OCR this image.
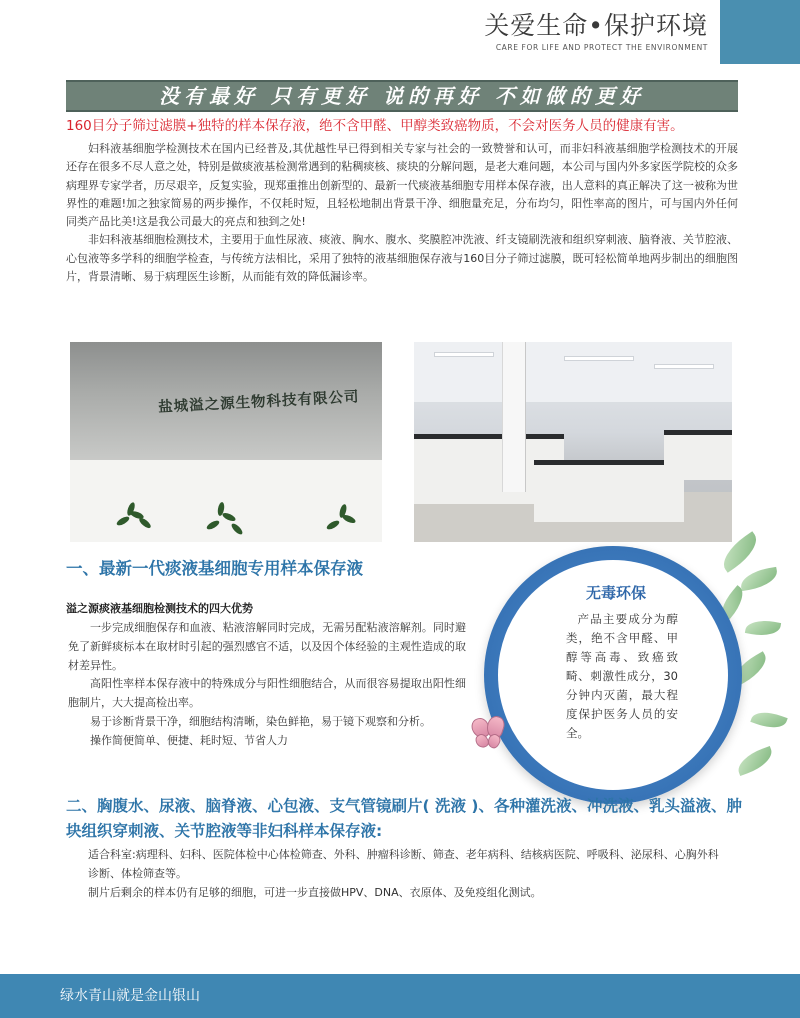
关爱生命•保护环境
CARE FOR LIFE AND PROTECT THE ENVIRONMENT
没有最好 只有更好 说的再好 不如做的更好
160目分子筛过滤膜+独特的样本保存液，绝不含甲醛、甲醇类致癌物质，不会对医务人员的健康有害。

妇科液基细胞学检测技术在国内已经普及,其优越性早已得到相关专家与社会的一致赞誉和认可，而非妇科液基细胞学检测技术的开展还存在很多不尽人意之处，特别是做痰液基检测常遇到的粘稠痰核、痰块的分解问题，是老大难问题，本公司与国内外多家医学院校的众多病理界专家学者，历尽艰辛，反复实验，现郑重推出创新型的、最新一代痰液基细胞专用样本保存液，出人意料的真正解决了这一被称为世界性的难题!加之独家简易的两步操作，不仅耗时短，且轻松地制出背景干净、细胞量充足，分布均匀，阳性率高的图片，可与国内外任何同类产品比美!这是我公司最大的亮点和独到之处!

非妇科液基细胞检测技术，主要用于血性尿液、痰液、胸水、腹水、奖膜腔冲洗液、纤支镜刷洗液和组织穿刺液、脑脊液、关节腔液、心包液等多学科的细胞学检查，与传统方法相比，采用了独特的液基细胞保存液与160目分子筛过滤膜，既可轻松简单地两步制出的细胞图片，背景清晰、易于病理医生诊断，从而能有效的降低漏诊率。

盐城溢之源生物科技有限公司
一、最新一代痰液基细胞专用样本保存液
溢之源痰液基细胞检测技术的四大优势

一步完成细胞保存和血液、粘液溶解同时完成，无需另配粘液溶解剂。同时避免了新鲜痰标本在取材时引起的强烈感官不适，以及因个体经验的主观性造成的取材差异性。

高阳性率样本保存液中的特殊成分与阳性细胞结合，从而很容易提取出阳性细胞制片，大大提高检出率。

易于诊断背景干净，细胞结构清晰，染色鲜艳，易于镜下观察和分析。

操作简便简单、便捷、耗时短、节省人力

无毒环保
产品主要成分为醇类，绝不含甲醛、甲醇等高毒、致癌致畸、刺激性成分，30分钟内灭菌，最大程度保护医务人员的安全。
二、胸腹水、尿液、脑脊液、心包液、支气管镜刷片( 洗液 )、各种灌洗液、冲洗液、乳头溢液、肿块组织穿刺液、关节腔液等非妇科样本保存液:

适合科室:病理科、妇科、医院体检中心体检筛查、外科、肿瘤科诊断、筛查、老年病科、结核病医院、呼吸科、泌尿科、心胸外科诊断、体检筛查等。

制片后剩余的样本仍有足够的细胞，可进一步直接做HPV、DNA、衣原体、及免疫组化测试。

绿水青山就是金山银山
